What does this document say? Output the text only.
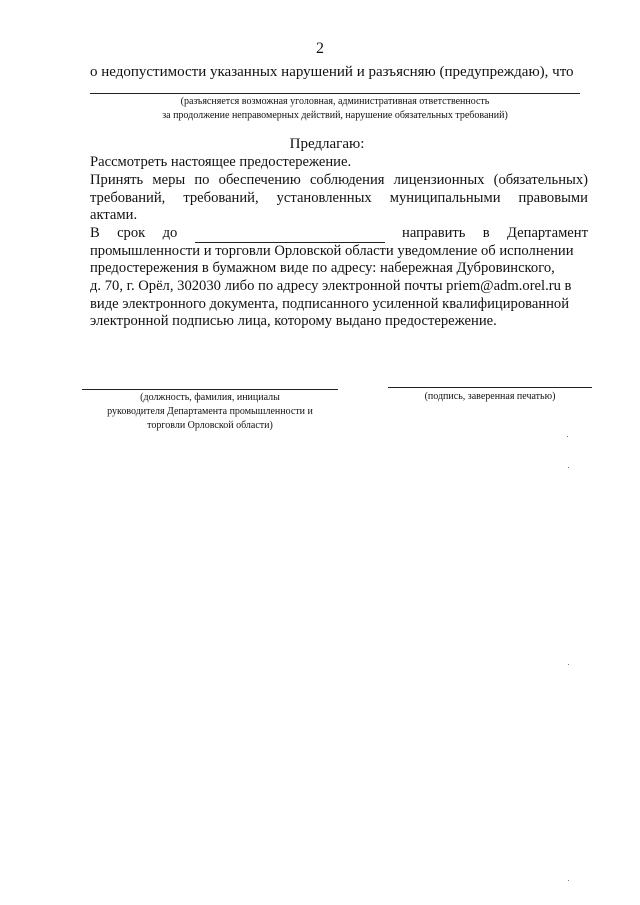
2
о недопустимости указанных нарушений и разъясняю (предупреждаю), что
(разъясняется возможная уголовная, административная ответственность
за продолжение неправомерных действий, нарушение обязательных требований)
Предлагаю:
Рассмотреть настоящее предостережение.
Принять меры по обеспечению соблюдения лицензионных (обязательных)
требований, требований, установленных муниципальными правовыми
актами.
В срок до	направить в Департамент
промышленности и торговли Орловской области уведомление об исполнении
предостережения в бумажном виде по адресу: набережная Дубровинского,
д. 70, г. Орёл, 302030 либо по адресу электронной почты priem@adm.orel.ru в
виде электронного документа, подписанного усиленной квалифицированной
электронной подписью лица, которому выдано предостережение.
(должность, фамилия, инициалы
руководителя Департамента промышленности и
торговли Орловской области)
(подпись, заверенная печатью)
